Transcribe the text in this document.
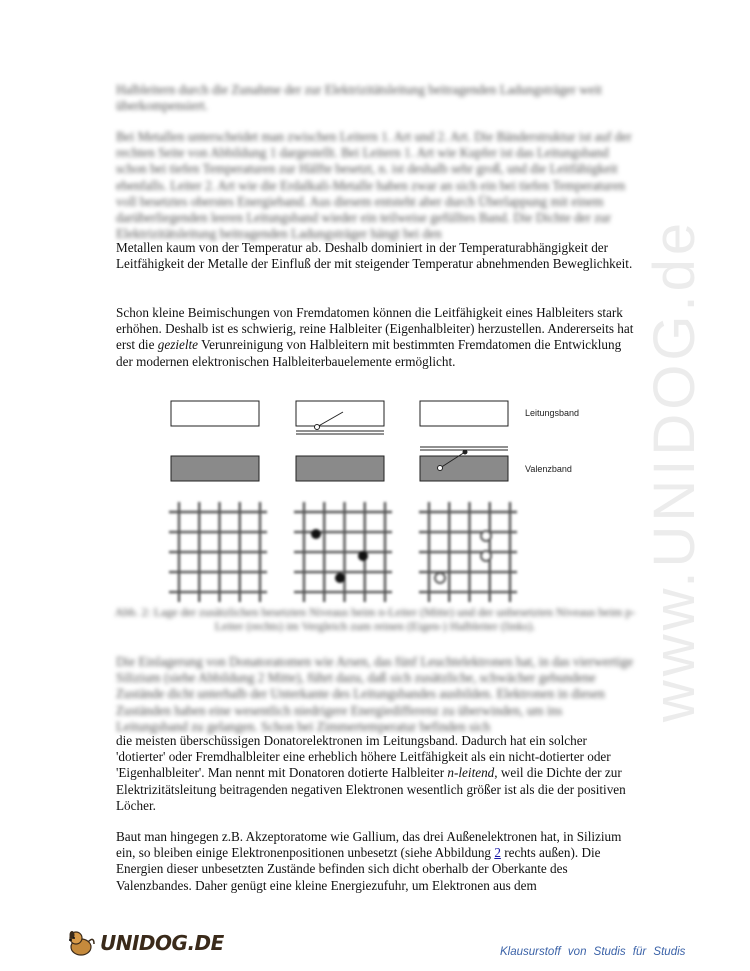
www.UNIDOG.de

Halbleitern durch die Zunahme der zur Elektrizitätsleitung beitragenden Ladungsträger weit überkompensiert.

Bei Metallen unterscheidet man zwischen Leitern 1. Art und 2. Art. Die Bänderstruktur ist auf der rechten Seite von Abbildung 1 dargestellt. Bei Leitern 1. Art wie Kupfer ist das Leitungsband schon bei tiefen Temperaturen zur Hälfte besetzt, n. ist deshalb sehr groß, und die Leitfähigkeit ebenfalls. Leiter 2. Art wie die Erdalkali-Metalle haben zwar an sich ein bei tiefen Temperaturen voll besetztes oberstes Energieband. Aus diesem entsteht aber durch Überlappung mit einem darüberliegenden leeren Leitungsband wieder ein teilweise gefülltes Band. Die Dichte der zur Elektrizitätsleitung beitragenden Ladungsträger hängt bei den

Metallen kaum von der Temperatur ab. Deshalb dominiert in der Temperaturabhängigkeit der Leitfähigkeit der Metalle der Einfluß der mit steigender Temperatur abnehmenden Beweglichkeit.

Schon kleine Beimischungen von Fremdatomen können die Leitfähigkeit eines Halbleiters stark erhöhen. Deshalb ist es schwierig, reine Halbleiter (Eigenhalbleiter) herzustellen. Andererseits hat erst die gezielte Verunreinigung von Halbleitern mit bestimmten Fremdatomen die Entwicklung der modernen elektronischen Halbleiterbauelemente ermöglicht.

Leitungsband
Valenzband

Abb. 2: Lage der zusätzlichen besetzten Niveaus beim n-Leiter (Mitte) und der unbesetzten Niveaus beim p-Leiter (rechts) im Vergleich zum reinen (Eigen-) Halbleiter (links).

Die Einlagerung von Donatoratomen wie Arsen, das fünf Leuchtelektronen hat, in das vierwertige Silizium (siehe Abbildung 2 Mitte), führt dazu, daß sich zusätzliche, schwächer gebundene Zustände dicht unterhalb der Unterkante des Leitungsbandes ausbilden. Elektronen in diesen Zuständen haben eine wesentlich niedrigere Energiedifferenz zu überwinden, um ins Leitungsband zu gelangen. Schon bei Zimmertemperatur befinden sich

die meisten überschüssigen Donatorelektronen im Leitungsband. Dadurch hat ein solcher 'dotierter' oder Fremdhalbleiter eine erheblich höhere Leitfähigkeit als ein nicht-dotierter oder 'Eigenhalbleiter'. Man nennt mit Donatoren dotierte Halbleiter n-leitend, weil die Dichte der zur Elektrizitätsleitung beitragenden negativen Elektronen wesentlich größer ist als die der positiven Löcher.

Baut man hingegen z.B. Akzeptoratome wie Gallium, das drei Außenelektronen hat, in Silizium ein, so bleiben einige Elektronenpositionen unbesetzt (siehe Abbildung 2 rechts außen). Die Energien dieser unbesetzten Zustände befinden sich dicht oberhalb der Oberkante des Valenzbandes. Daher genügt eine kleine Energiezufuhr, um Elektronen aus dem

UNIDOG.DE	Klausurstoff von Studis für Studis
